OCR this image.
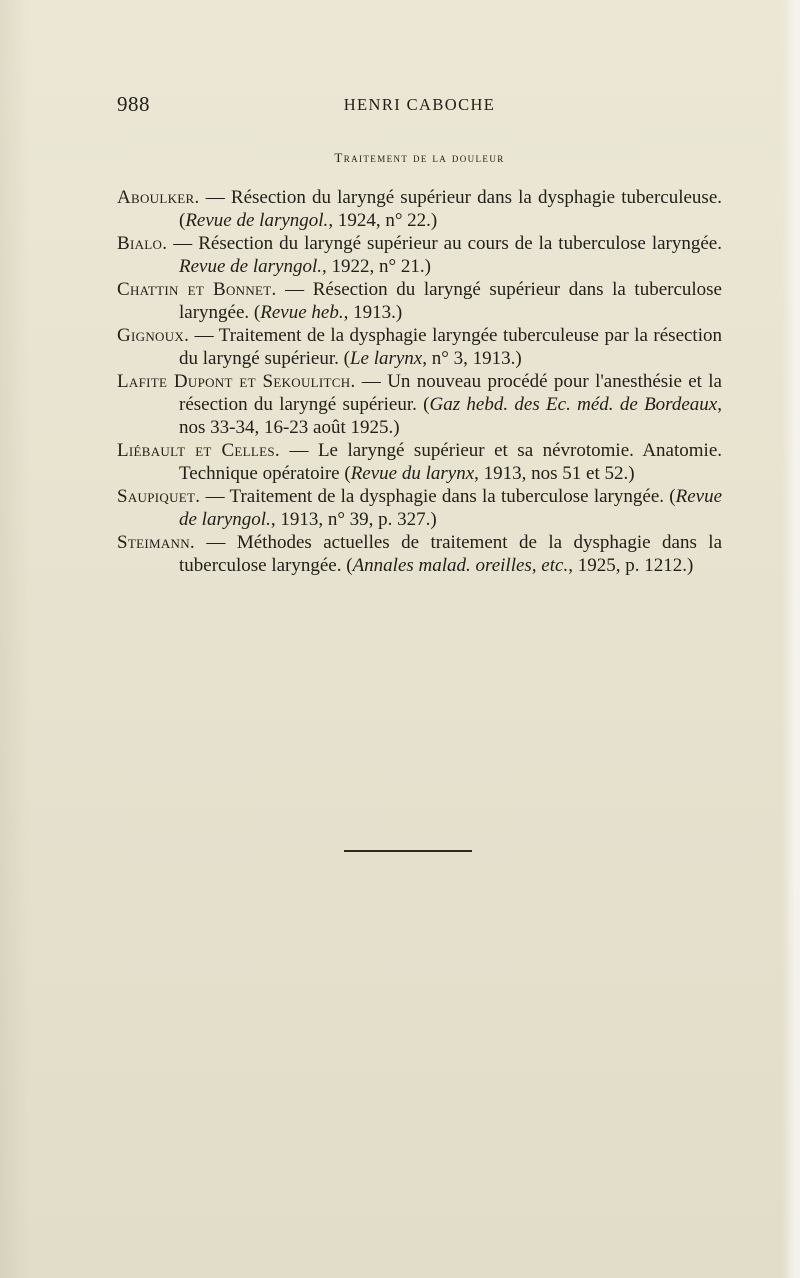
988	HENRI CABOCHE
Traitement de la douleur
Aboulker. — Résection du laryngé supérieur dans la dysphagie tuberculeuse. (Revue de laryngol., 1924, n° 22.)
Bialo. — Résection du laryngé supérieur au cours de la tuberculose laryngée. Revue de laryngol., 1922, n° 21.)
Chattin et Bonnet. — Résection du laryngé supérieur dans la tuberculose laryngée. (Revue heb., 1913.)
Gignoux. — Traitement de la dysphagie laryngée tuberculeuse par la résection du laryngé supérieur. (Le larynx, n° 3, 1913.)
Lafite Dupont et Sekoulitch. — Un nouveau procédé pour l'anesthésie et la résection du laryngé supérieur. (Gaz hebd. des Ec. méd. de Bordeaux, nos 33-34, 16-23 août 1925.)
Liébault et Celles. — Le laryngé supérieur et sa névrotomie. Anatomie. Technique opératoire (Revue du larynx, 1913, nos 51 et 52.)
Saupiquet. — Traitement de la dysphagie dans la tuberculose laryngée. (Revue de laryngol., 1913, n° 39, p. 327.)
Steimann. — Méthodes actuelles de traitement de la dysphagie dans la tuberculose laryngée. (Annales malad. oreilles, etc., 1925, p. 1212.)
